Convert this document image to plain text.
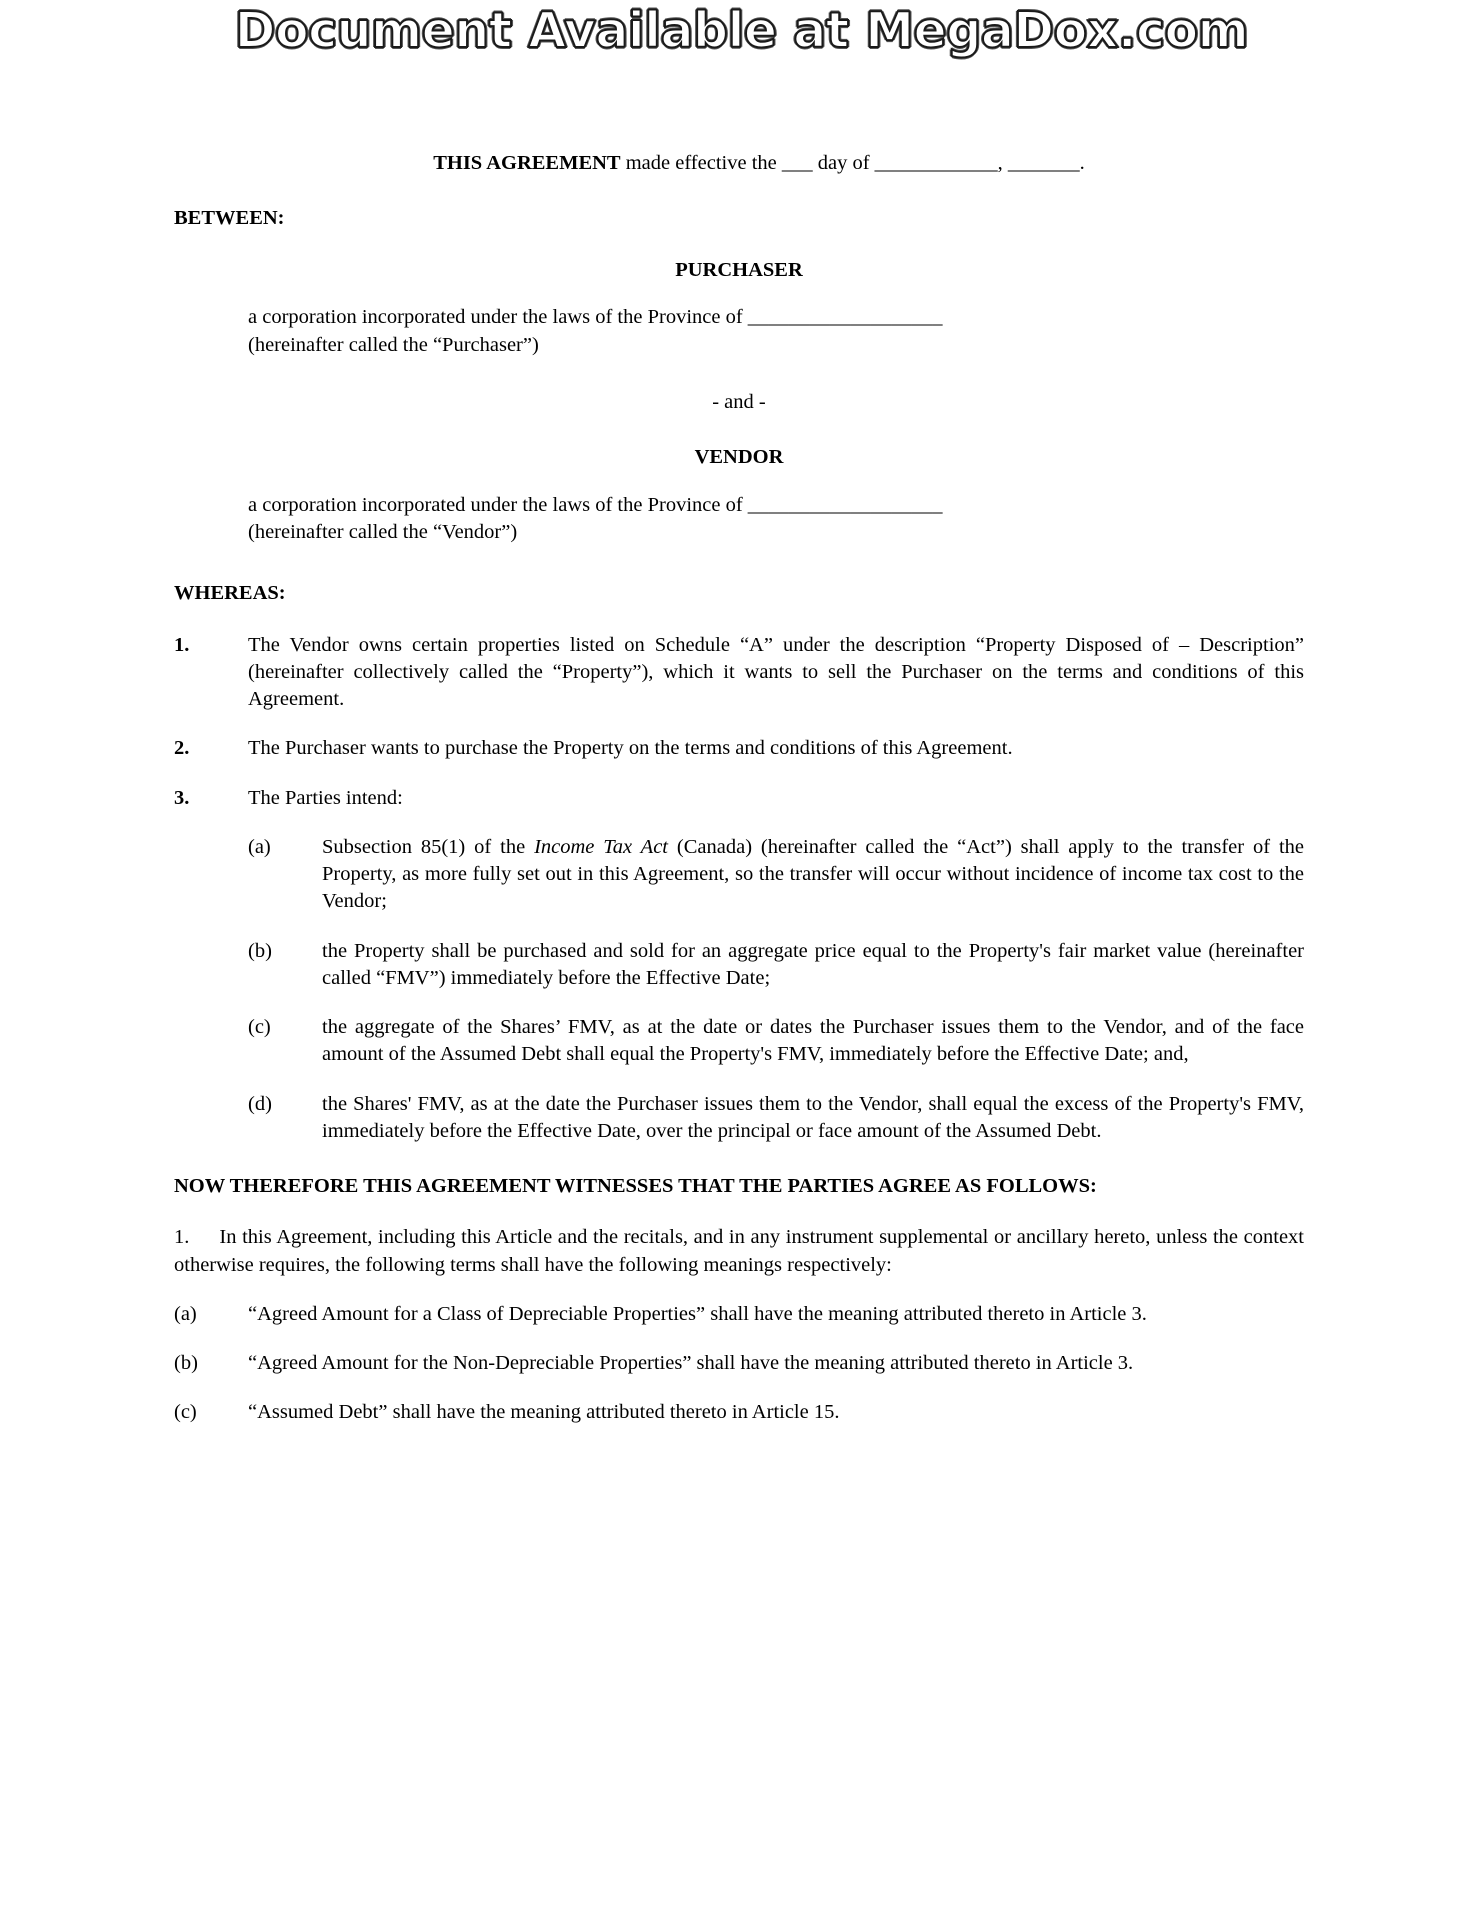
Document Available at MegaDox.com

THIS AGREEMENT made effective the ___ day of ____________, _______.

BETWEEN:

PURCHASER

a corporation incorporated under the laws of the Province of ___________________
(hereinafter called the “Purchaser”)

- and -

VENDOR

a corporation incorporated under the laws of the Province of ___________________
(hereinafter called the “Vendor”)

WHEREAS:

1.	The Vendor owns certain properties listed on Schedule “A” under the description “Property Disposed of – Description” (hereinafter collectively called the “Property”), which it wants to sell the Purchaser on the terms and conditions of this Agreement.
2.	The Purchaser wants to purchase the Property on the terms and conditions of this Agreement.
3.	The Parties intend:
(a) Subsection 85(1) of the Income Tax Act (Canada) (hereinafter called the “Act”) shall apply to the transfer of the Property, as more fully set out in this Agreement, so the transfer will occur without incidence of income tax cost to the Vendor;
(b) the Property shall be purchased and sold for an aggregate price equal to the Property's fair market value (hereinafter called “FMV”) immediately before the Effective Date;
(c) the aggregate of the Shares’ FMV, as at the date or dates the Purchaser issues them to the Vendor, and of the face amount of the Assumed Debt shall equal the Property's FMV, immediately before the Effective Date; and,
(d) the Shares' FMV, as at the date the Purchaser issues them to the Vendor, shall equal the excess of the Property's FMV, immediately before the Effective Date, over the principal or face amount of the Assumed Debt.

NOW THEREFORE THIS AGREEMENT WITNESSES THAT THE PARTIES AGREE AS FOLLOWS:

1. In this Agreement, including this Article and the recitals, and in any instrument supplemental or ancillary hereto, unless the context otherwise requires, the following terms shall have the following meanings respectively:

(a) “Agreed Amount for a Class of Depreciable Properties” shall have the meaning attributed thereto in Article 3.
(b) “Agreed Amount for the Non-Depreciable Properties” shall have the meaning attributed thereto in Article 3.
(c) “Assumed Debt” shall have the meaning attributed thereto in Article 15.
